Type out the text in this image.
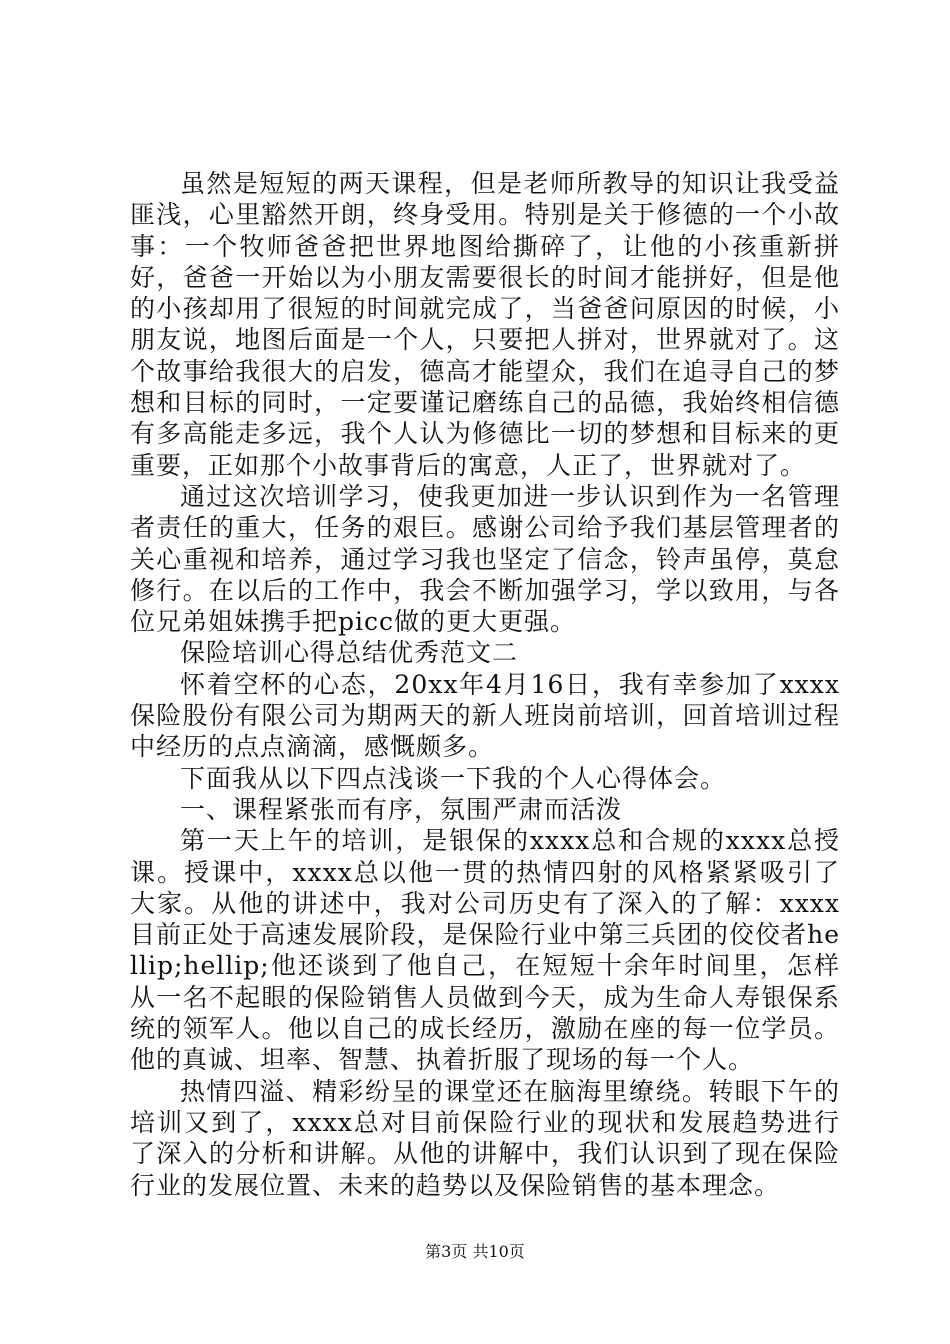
虽然是短短的两天课程，但是老师所教导的知识让我受益匪浅，心里豁然开朗，终身受用。特别是关于修德的一个小故事：一个牧师爸爸把世界地图给撕碎了，让他的小孩重新拼好，爸爸一开始以为小朋友需要很长的时间才能拼好，但是他的小孩却用了很短的时间就完成了，当爸爸问原因的时候，小朋友说，地图后面是一个人，只要把人拼对，世界就对了。这个故事给我很大的启发，德高才能望众，我们在追寻自己的梦想和目标的同时，一定要谨记磨练自己的品德，我始终相信德有多高能走多远，我个人认为修德比一切的梦想和目标来的更重要，正如那个小故事背后的寓意，人正了，世界就对了。

通过这次培训学习，使我更加进一步认识到作为一名管理者责任的重大，任务的艰巨。感谢公司给予我们基层管理者的关心重视和培养，通过学习我也坚定了信念，铃声虽停，莫怠修行。在以后的工作中，我会不断加强学习，学以致用，与各位兄弟姐妹携手把picc做的更大更强。

保险培训心得总结优秀范文二

怀着空杯的心态，20xx年4月16日，我有幸参加了xxxx保险股份有限公司为期两天的新人班岗前培训，回首培训过程中经历的点点滴滴，感慨颇多。

下面我从以下四点浅谈一下我的个人心得体会。

一、课程紧张而有序，氛围严肃而活泼

第一天上午的培训，是银保的xxxx总和合规的xxxx总授课。授课中，xxxx总以他一贯的热情四射的风格紧紧吸引了大家。从他的讲述中，我对公司历史有了深入的了解：xxxx目前正处于高速发展阶段，是保险行业中第三兵团的佼佼者hellip;hellip;他还谈到了他自己，在短短十余年时间里，怎样从一名不起眼的保险销售人员做到今天，成为生命人寿银保系统的领军人。他以自己的成长经历，激励在座的每一位学员。他的真诚、坦率、智慧、执着折服了现场的每一个人。

热情四溢、精彩纷呈的课堂还在脑海里缭绕。转眼下午的培训又到了，xxxx总对目前保险行业的现状和发展趋势进行了深入的分析和讲解。从他的讲解中，我们认识到了现在保险行业的发展位置、未来的趋势以及保险销售的基本理念。

第3页 共10页
